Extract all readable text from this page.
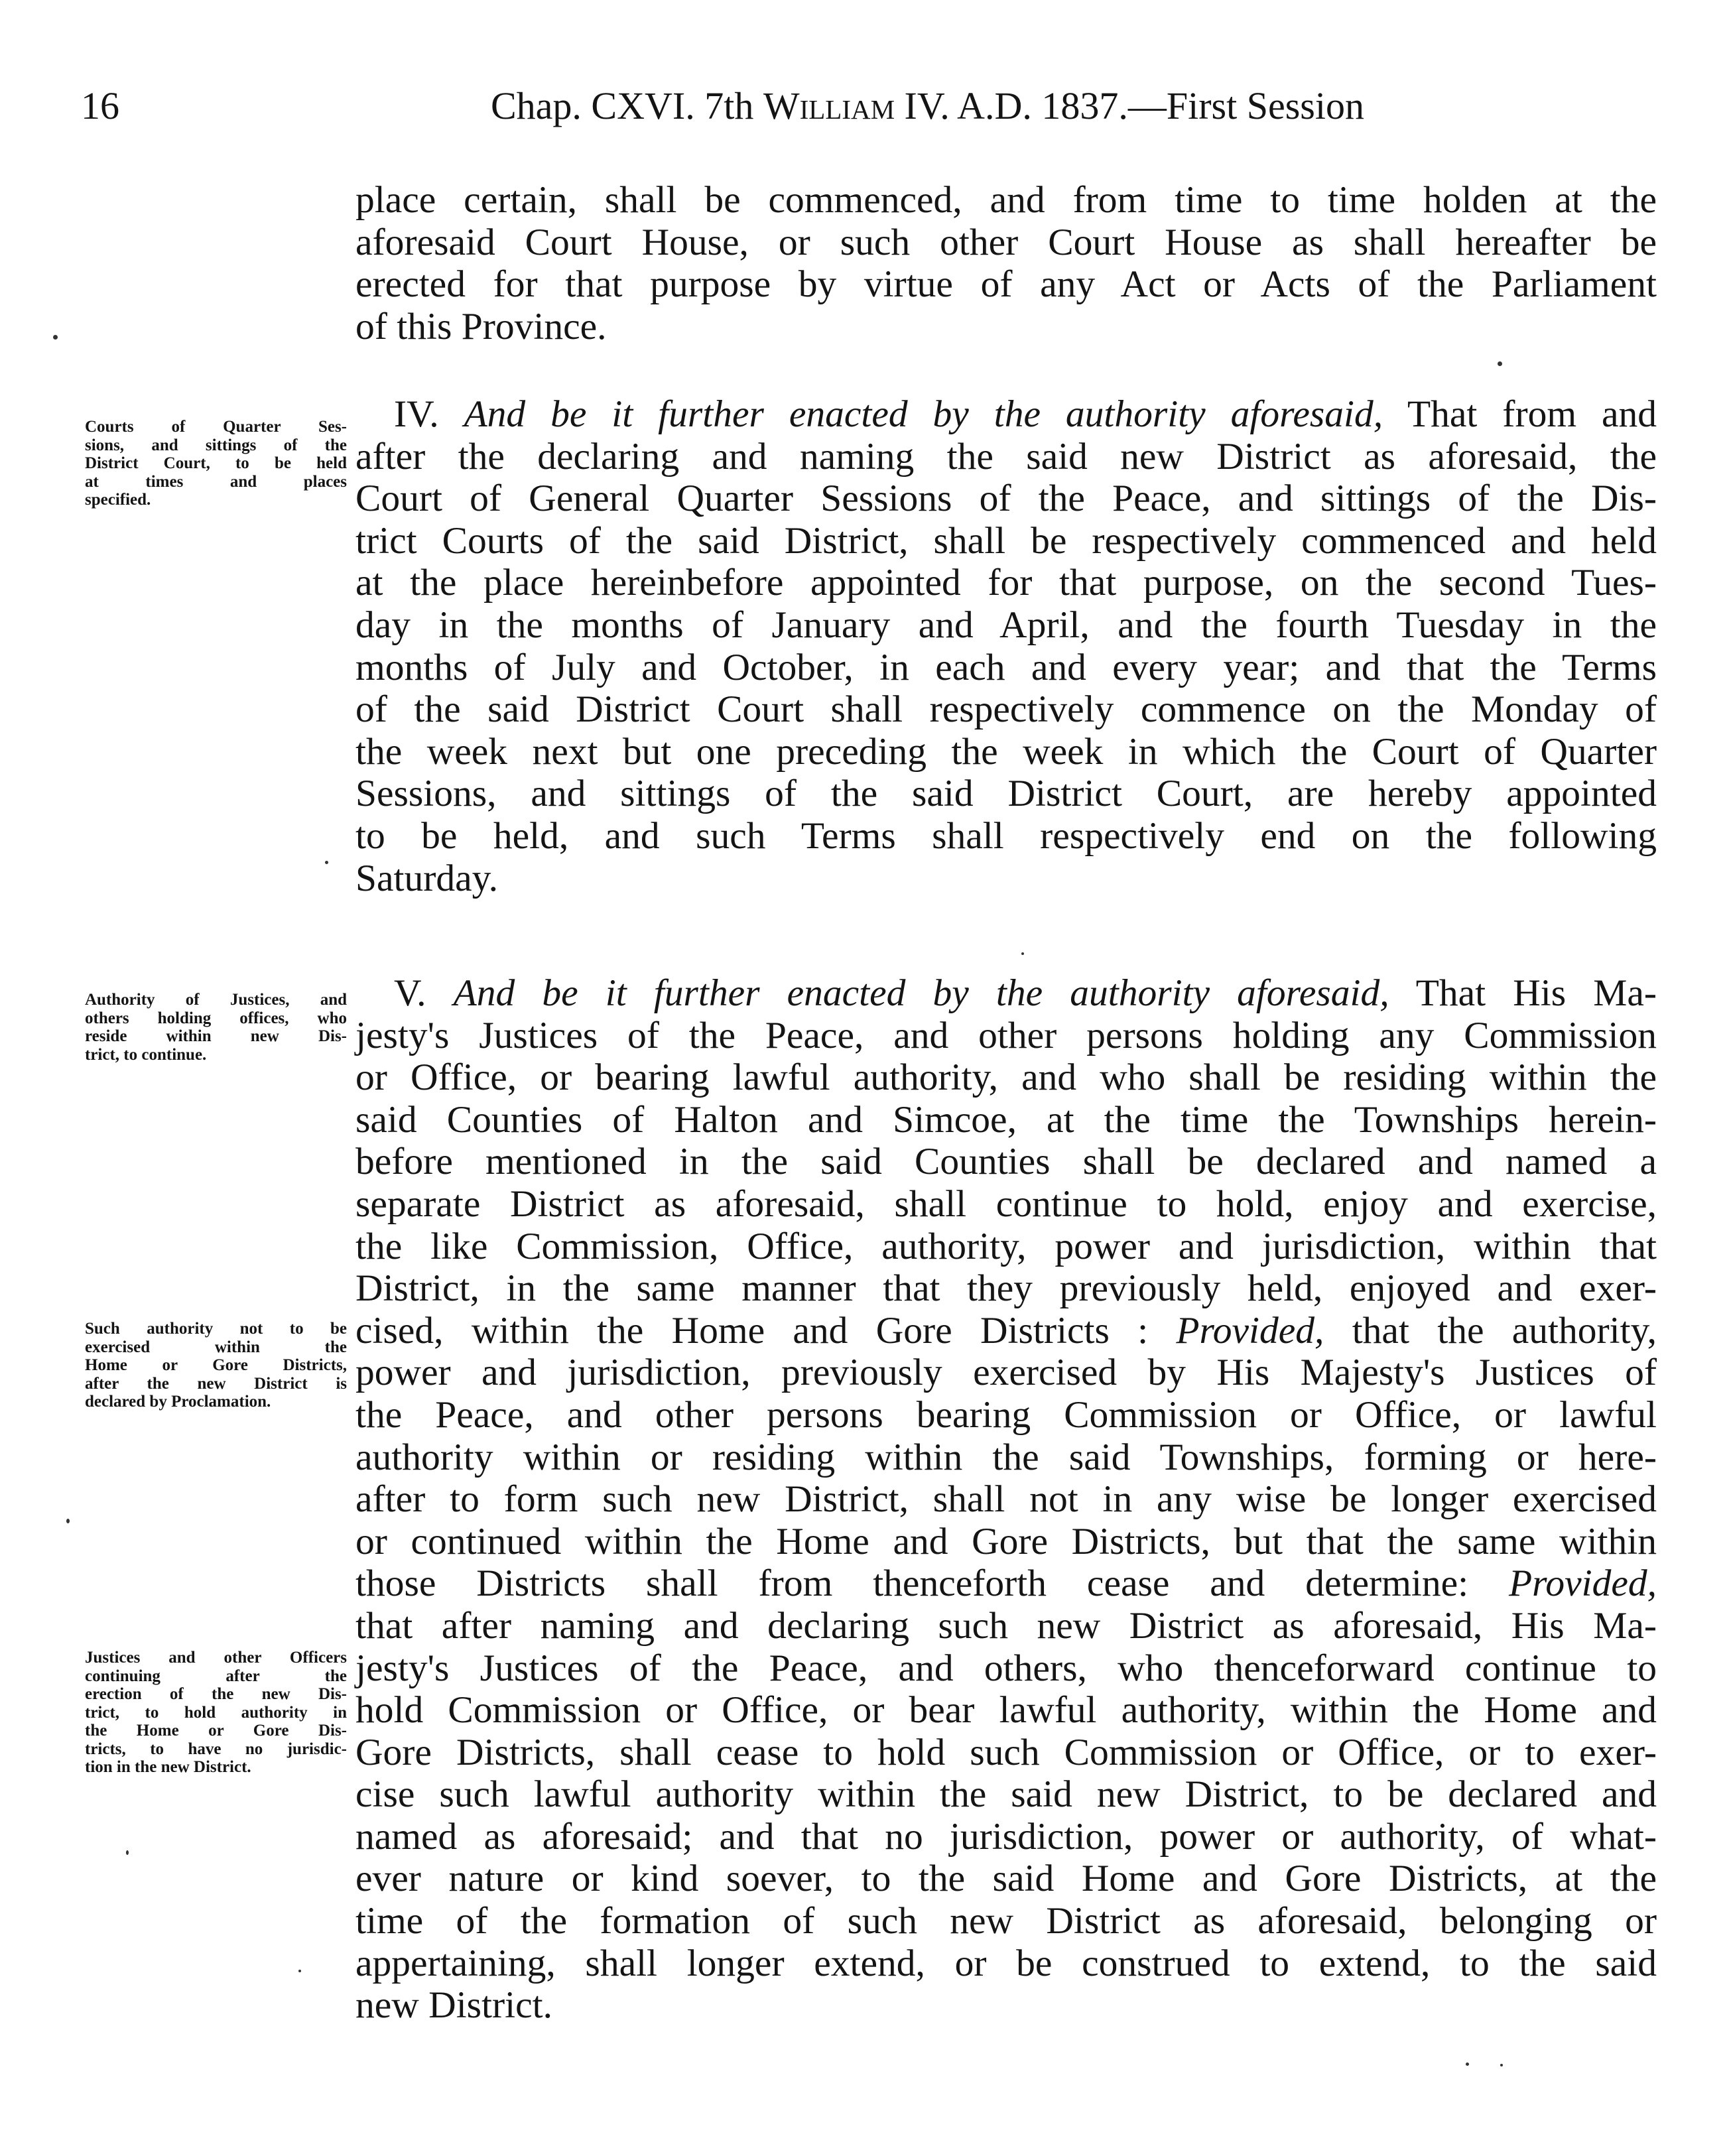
16	Chap. CXVI. 7th William IV. A.D. 1837.—First Session
place certain, shall be commenced, and from time to time holden at the
aforesaid Court House, or such other Court House as shall hereafter be
erected for that purpose by virtue of any Act or Acts of the Parliament
of this Province.
IV. And be it further enacted by the authority aforesaid, That from and
after the declaring and naming the said new District as aforesaid, the
Court of General Quarter Sessions of the Peace, and sittings of the Dis-
trict Courts of the said District, shall be respectively commenced and held
at the place hereinbefore appointed for that purpose, on the second Tues-
day in the months of January and April, and the fourth Tuesday in the
months of July and October, in each and every year; and that the Terms
of the said District Court shall respectively commence on the Monday of
the week next but one preceding the week in which the Court of Quarter
Sessions, and sittings of the said District Court, are hereby appointed
to be held, and such Terms shall respectively end on the following
Saturday.
V. And be it further enacted by the authority aforesaid, That His Ma-
jesty's Justices of the Peace, and other persons holding any Commission
or Office, or bearing lawful authority, and who shall be residing within the
said Counties of Halton and Simcoe, at the time the Townships herein-
before mentioned in the said Counties shall be declared and named a
separate District as aforesaid, shall continue to hold, enjoy and exercise,
the like Commission, Office, authority, power and jurisdiction, within that
District, in the same manner that they previously held, enjoyed and exer-
cised, within the Home and Gore Districts : Provided, that the authority,
power and jurisdiction, previously exercised by His Majesty's Justices of
the Peace, and other persons bearing Commission or Office, or lawful
authority within or residing within the said Townships, forming or here-
after to form such new District, shall not in any wise be longer exercised
or continued within the Home and Gore Districts, but that the same within
those Districts shall from thenceforth cease and determine: Provided,
that after naming and declaring such new District as aforesaid, His Ma-
jesty's Justices of the Peace, and others, who thenceforward continue to
hold Commission or Office, or bear lawful authority, within the Home and
Gore Districts, shall cease to hold such Commission or Office, or to exer-
cise such lawful authority within the said new District, to be declared and
named as aforesaid; and that no jurisdiction, power or authority, of what-
ever nature or kind soever, to the said Home and Gore Districts, at the
time of the formation of such new District as aforesaid, belonging or
appertaining, shall longer extend, or be construed to extend, to the said
new District.
Courts of Quarter Ses-
sions, and sittings of the
District Court, to be held
at times and places
specified.
Authority of Justices, and
others holding offices, who
reside within new Dis-
trict, to continue.
Such authority not to be
exercised within the
Home or Gore Districts,
after the new District is
declared by Proclamation.
Justices and other Officers
continuing after the
erection of the new Dis-
trict, to hold authority in
the Home or Gore Dis-
tricts, to have no jurisdic-
tion in the new District.
